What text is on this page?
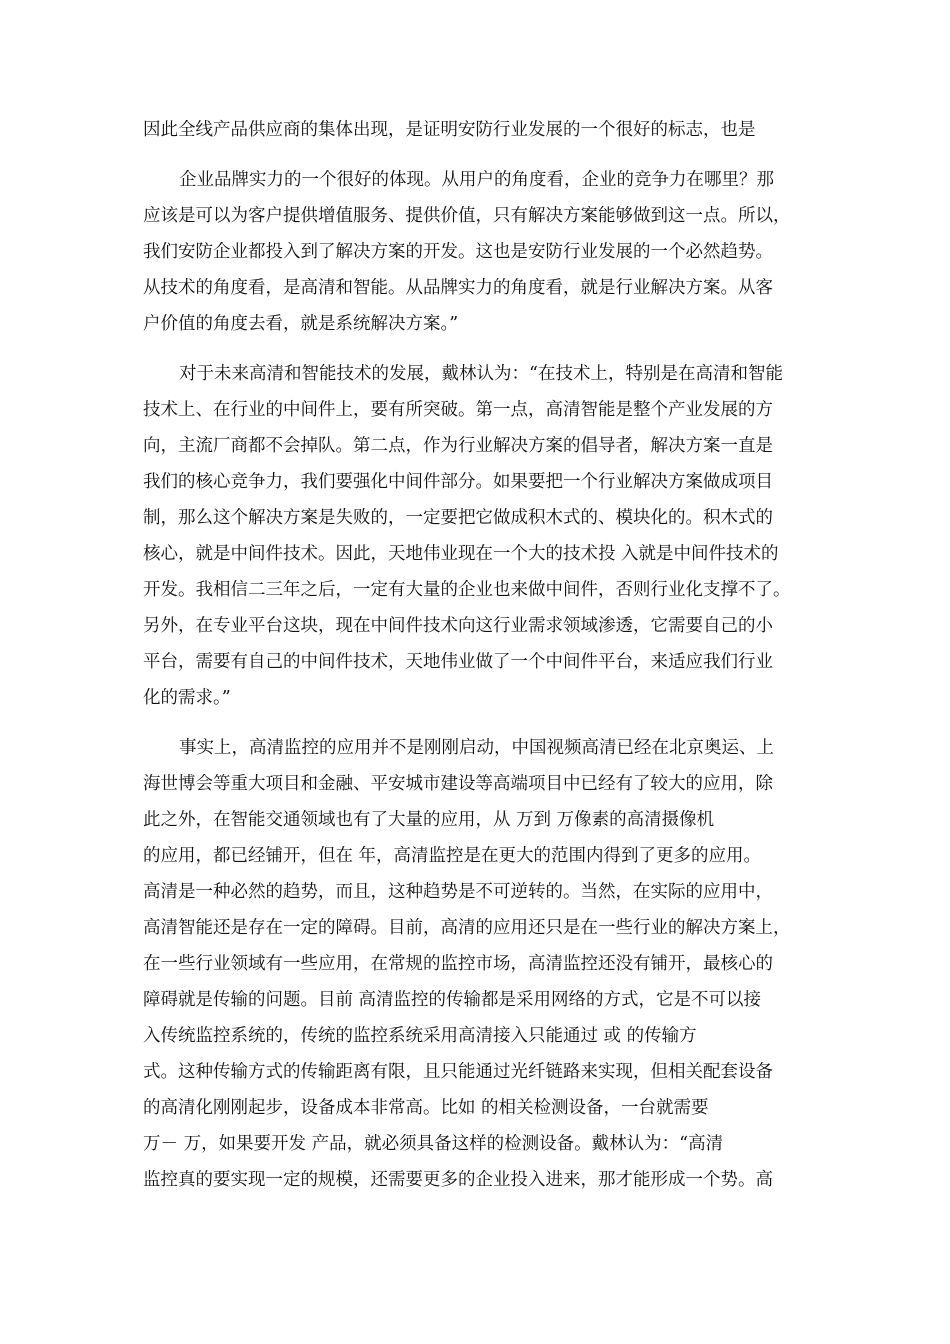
因此全线产品供应商的集体出现，是证明安防行业发展的一个很好的标志，也是
企业品牌实力的一个很好的体现。从用户的角度看，企业的竞争力在哪里？那
应该是可以为客户提供增值服务、提供价值，只有解决方案能够做到这一点。所以，
我们安防企业都投入到了解决方案的开发。这也是安防行业发展的一个必然趋势。
从技术的角度看，是高清和智能。从品牌实力的角度看，就是行业解决方案。从客
户价值的角度去看，就是系统解决方案。”
对于未来高清和智能技术的发展，戴林认为：“在技术上，特别是在高清和智能
技术上、在行业的中间件上，要有所突破。第一点，高清智能是整个产业发展的方
向，主流厂商都不会掉队。第二点，作为行业解决方案的倡导者，解决方案一直是
我们的核心竞争力，我们要强化中间件部分。如果要把一个行业解决方案做成项目
制，那么这个解决方案是失败的，一定要把它做成积木式的、模块化的。积木式的
核心，就是中间件技术。因此，天地伟业现在一个大的技术投 入就是中间件技术的
开发。我相信二三年之后，一定有大量的企业也来做中间件，否则行业化支撑不了。
另外，在专业平台这块，现在中间件技术向这行业需求领域渗透，它需要自己的小
平台，需要有自己的中间件技术，天地伟业做了一个中间件平台，来适应我们行业
化的需求。”
事实上，高清监控的应用并不是刚刚启动，中国视频高清已经在北京奥运、上
海世博会等重大项目和金融、平安城市建设等高端项目中已经有了较大的应用，除
此之外，在智能交通领域也有了大量的应用，从 万到 万像素的高清摄像机
的应用，都已经铺开，但在 年，高清监控是在更大的范围内得到了更多的应用。
高清是一种必然的趋势，而且，这种趋势是不可逆转的。当然，在实际的应用中，
高清智能还是存在一定的障碍。目前，高清的应用还只是在一些行业的解决方案上，
在一些行业领域有一些应用，在常规的监控市场，高清监控还没有铺开，最核心的
障碍就是传输的问题。目前 高清监控的传输都是采用网络的方式，它是不可以接
入传统监控系统的，传统的监控系统采用高清接入只能通过 或 的传输方
式。这种传输方式的传输距离有限，且只能通过光纤链路来实现，但相关配套设备
的高清化刚刚起步，设备成本非常高。比如 的相关检测设备，一台就需要
万－ 万，如果要开发 产品，就必须具备这样的检测设备。戴林认为：“高清
监控真的要实现一定的规模，还需要更多的企业投入进来，那才能形成一个势。高
